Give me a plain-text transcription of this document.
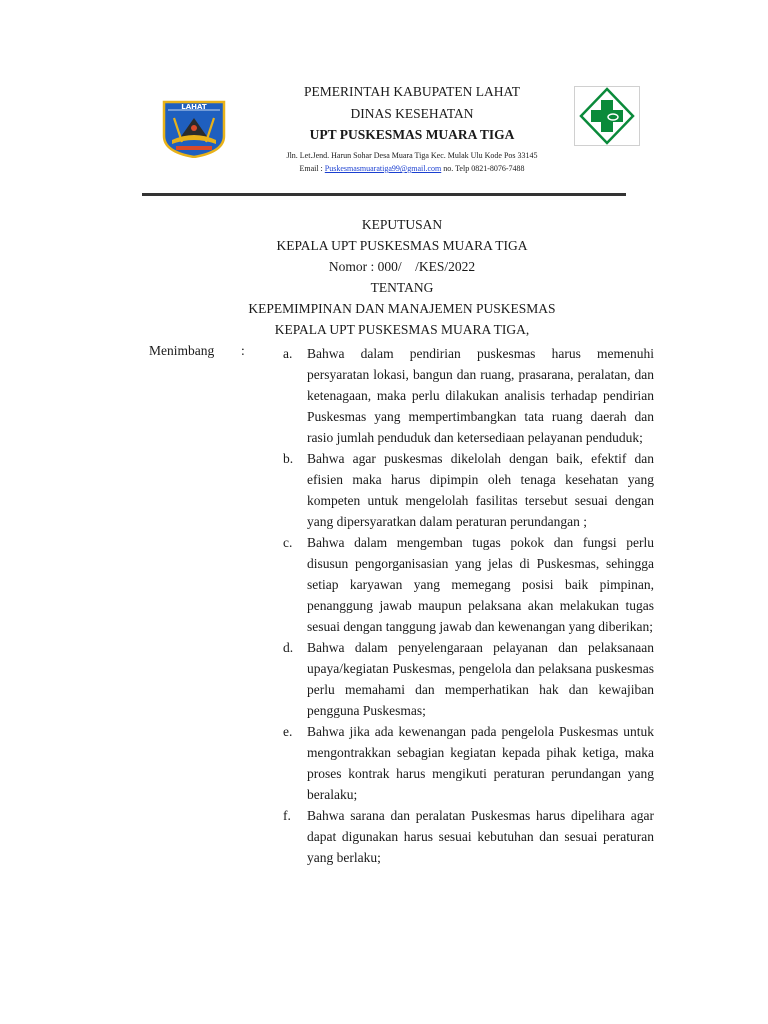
LAHAT
PEMERINTAH KABUPATEN LAHAT
DINAS KESEHATAN
UPT PUSKESMAS MUARA TIGA
Jln. Let.Jend. Harun Sohar Desa Muara Tiga Kec. Mulak Ulu Kode Pos 33145
Email : Puskesmasmuaratiga99@gmail.com no. Telp 0821-8076-7488
KEPUTUSAN
KEPALA UPT PUSKESMAS MUARA TIGA
Nomor : 000/    /KES/2022
TENTANG
KEPEMIMPINAN DAN MANAJEMEN PUSKESMAS
KEPALA UPT PUSKESMAS MUARA TIGA,
Menimbang :	a. Bahwa dalam pendirian puskesmas harus memenuhi persyaratan lokasi, bangun dan ruang, prasarana, peralatan, dan ketenagaan, maka perlu dilakukan analisis terhadap pendirian Puskesmas yang mempertimbangkan tata ruang daerah dan rasio jumlah penduduk dan ketersediaan pelayanan penduduk;
b. Bahwa agar puskesmas dikelolah dengan baik, efektif dan efisien maka harus dipimpin oleh tenaga kesehatan yang kompeten untuk mengelolah fasilitas tersebut sesuai dengan yang dipersyaratkan dalam peraturan perundangan ;
c. Bahwa dalam mengemban tugas pokok dan fungsi perlu disusun pengorganisasian yang jelas di Puskesmas, sehingga setiap karyawan yang memegang posisi baik pimpinan, penanggung jawab maupun pelaksana akan melakukan tugas sesuai dengan tanggung jawab dan kewenangan yang diberikan;
d. Bahwa dalam penyelengaraan pelayanan dan pelaksanaan upaya/kegiatan Puskesmas, pengelola dan pelaksana puskesmas perlu memahami dan memperhatikan hak dan kewajiban pengguna Puskesmas;
e. Bahwa jika ada kewenangan pada pengelola Puskesmas untuk mengontrakkan sebagian kegiatan kepada pihak ketiga, maka proses kontrak harus mengikuti peraturan perundangan yang beralaku;
f. Bahwa sarana dan peralatan Puskesmas harus dipelihara agar dapat digunakan harus sesuai kebutuhan dan sesuai peraturan yang berlaku;
